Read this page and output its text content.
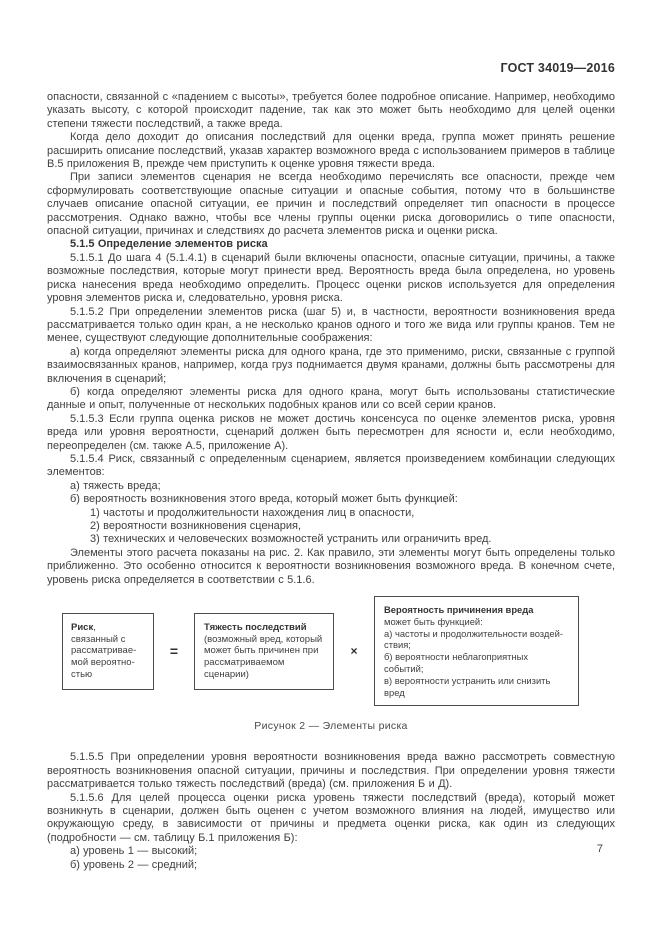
ГОСТ 34019—2016

опасности, связанной с «падением с высоты», требуется более подробное описание. Например, необходимо указать высоту, с которой происходит падение, так как это может быть необходимо для целей оценки степени тяжести последствий, а также вреда.

Когда дело доходит до описания последствий для оценки вреда, группа может принять решение расширить описание последствий, указав характер возможного вреда с использованием примеров в таблице В.5 приложения В, прежде чем приступить к оценке уровня тяжести вреда.

При записи элементов сценария не всегда необходимо перечислять все опасности, прежде чем сформулировать соответствующие опасные ситуации и опасные события, потому что в большинстве случаев описание опасной ситуации, ее причин и последствий определяет тип опасности в процессе рассмотрения. Однако важно, чтобы все члены группы оценки риска договорились о типе опасности, опасной ситуации, причинах и следствиях до расчета элементов риска и оценки риска.

5.1.5 Определение элементов риска

5.1.5.1 До шага 4 (5.1.4.1) в сценарий были включены опасности, опасные ситуации, причины, а также возможные последствия, которые могут принести вред. Вероятность вреда была определена, но уровень риска нанесения вреда необходимо определить. Процесс оценки рисков используется для определения уровня элементов риска и, следовательно, уровня риска.

5.1.5.2 При определении элементов риска (шаг 5) и, в частности, вероятности возникновения вреда рассматривается только один кран, а не несколько кранов одного и того же вида или группы кранов. Тем не менее, существуют следующие дополнительные соображения:

а) когда определяют элементы риска для одного крана, где это применимо, риски, связанные с группой взаимосвязанных кранов, например, когда груз поднимается двумя кранами, должны быть рассмотрены для включения в сценарий;

б) когда определяют элементы риска для одного крана, могут быть использованы статистические данные и опыт, полученные от нескольких подобных кранов или со всей серии кранов.

5.1.5.3 Если группа оценка рисков не может достичь консенсуса по оценке элементов риска, уровня вреда или уровня вероятности, сценарий должен быть пересмотрен для ясности и, если необходимо, переопределен (см. также А.5, приложение А).

5.1.5.4 Риск, связанный с определенным сценарием, является произведением комбинации следующих элементов:

а) тяжесть вреда;

б) вероятность возникновения этого вреда, который может быть функцией:

1) частоты и продолжительности нахождения лиц в опасности,

2) вероятности возникновения сценария,

3) технических и человеческих возможностей устранить или ограничить вред.

Элементы этого расчета показаны на рис. 2. Как правило, эти элементы могут быть определены только приближенно. Это особенно относится к вероятности возникновения возможного вреда. В конечном счете, уровень риска определяется в соответствии с 5.1.6.

Риск, связанный с рассматриваемой вероятностью
=
Тяжесть последствий
(возможный вред, который может быть причинен при рассматриваемом сценарии)
×
Вероятность причинения вреда
может быть функцией:
а) частоты и продолжительности воздействия;
б) вероятности неблагоприятных событий;
в) вероятности устранить или снизить вред
Рисунок 2 — Элементы риска

5.1.5.5 При определении уровня вероятности возникновения вреда важно рассмотреть совместную вероятность возникновения опасной ситуации, причины и последствия. При определении уровня тяжести рассматривается только тяжесть последствий (вреда) (см. приложения Б и Д).

5.1.5.6 Для целей процесса оценки риска уровень тяжести последствий (вреда), который может возникнуть в сценарии, должен быть оценен с учетом возможного влияния на людей, имущество или окружающую среду, в зависимости от причины и предмета оценки риска, как один из следующих (подробности — см. таблицу Б.1 приложения Б):

а) уровень 1 — высокий;

б) уровень 2 — средний;

7
